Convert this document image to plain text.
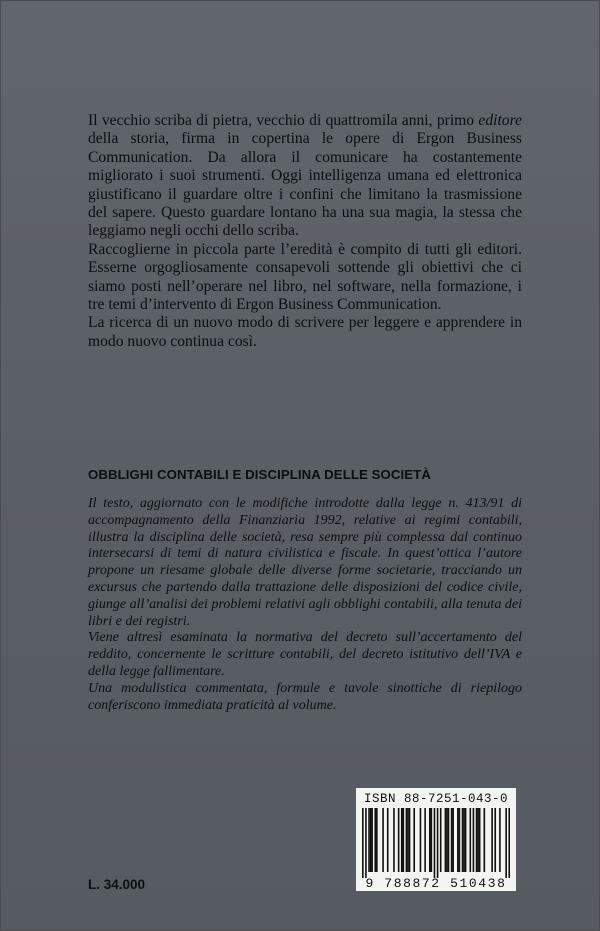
Il vecchio scriba di pietra, vecchio di quattromila anni, primo editore della storia, firma in copertina le opere di Ergon Business Communication. Da allora il comunicare ha costantemente migliorato i suoi strumenti. Oggi intelligenza umana ed elettronica giustificano il guardare oltre i confini che limitano la trasmissione del sapere. Questo guardare lontano ha una sua magia, la stessa che leggiamo negli occhi dello scriba.

Raccoglierne in piccola parte l’eredità è compito di tutti gli editori. Esserne orgogliosamente consapevoli sottende gli obiettivi che ci siamo posti nell’operare nel libro, nel software, nella formazione, i tre temi d’intervento di Ergon Business Communication.

La ricerca di un nuovo modo di scrivere per leggere e apprendere in modo nuovo continua così.

OBBLIGHI CONTABILI E DISCIPLINA DELLE SOCIETÀ

Il testo, aggiornato con le modifiche introdotte dalla legge n. 413/91 di accompagnamento della Finanziaria 1992, relative ai regimi contabili, illustra la disciplina delle società, resa sempre più complessa dal continuo intersecarsi di temi di natura civilistica e fiscale. In quest’ottica l’autore propone un riesame globale delle diverse forme societarie, tracciando un excursus che partendo dalla trattazione delle disposizioni del codice civile, giunge all’analisi dei problemi relativi agli obblighi contabili, alla tenuta dei libri e dei registri.

Viene altresì esaminata la normativa del decreto sull’accertamento del reddito, concernente le scritture contabili, del decreto istitutivo dell’IVA e della legge fallimentare.

Una modulistica commentata, formule e tavole sinottiche di riepilogo conferiscono immediata praticità al volume.

L. 34.000
ISBN 88-7251-043-0
9 788872 510438
